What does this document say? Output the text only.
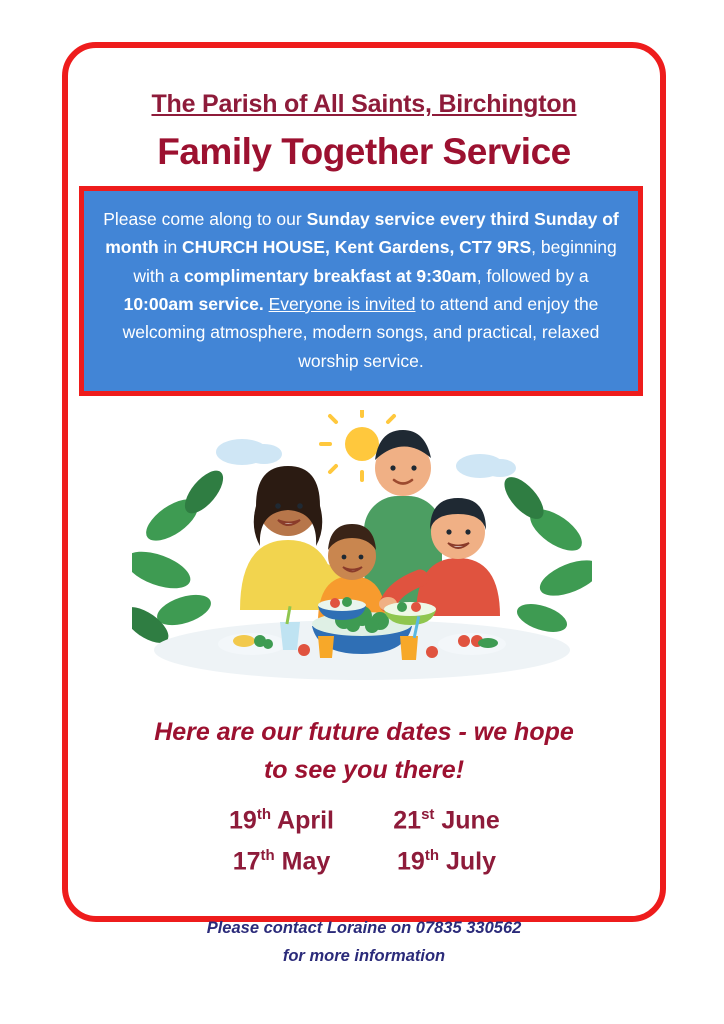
The Parish of All Saints, Birchington
Family Together Service

Please come along to our Sunday service every third Sunday of month in CHURCH HOUSE, Kent Gardens, CT7 9RS, beginning with a complimentary breakfast at 9:30am, followed by a 10:00am service. Everyone is invited to attend and enjoy the welcoming atmosphere, modern songs, and practical, relaxed worship service.

Here are our future dates - we hope
to see you there!
19th April	21st June
17th May	19th July
Please contact Loraine on 07835 330562
for more information
